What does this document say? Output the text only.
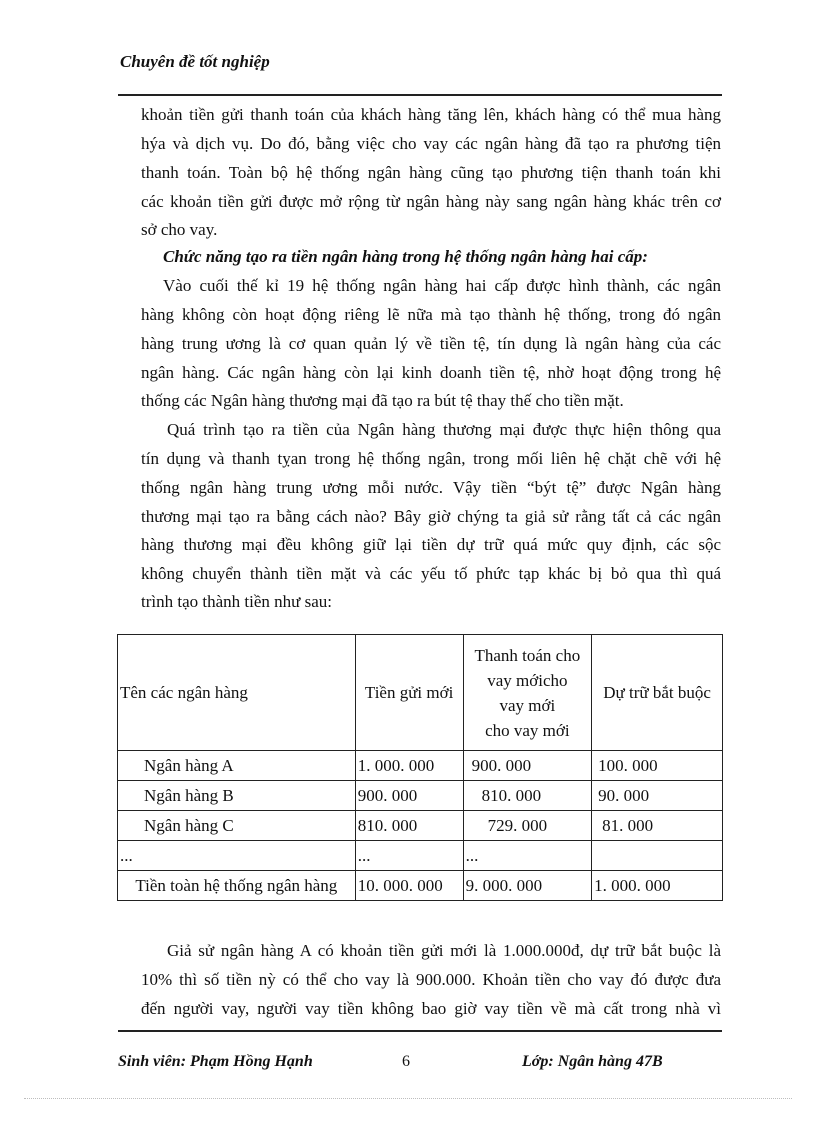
Chuyên đề tốt nghiệp
khoản tiền gửi thanh toán của khách hàng tăng lên, khách hàng có thể mua hàng
hýa và dịch vụ. Do đó, bằng việc cho vay các ngân hàng đã tạo ra phương tiện
thanh toán. Toàn bộ hệ thống ngân hàng cũng tạo phương tiện thanh toán khi
các khoản tiền gửi được mở rộng từ ngân hàng này sang ngân hàng khác trên cơ
sở cho vay.
Chức năng tạo ra tiền ngân hàng trong hệ thống ngân hàng hai cấp:
Vào cuối thế kỉ 19 hệ thống ngân hàng hai cấp được hình thành, các ngân
hàng không còn hoạt động riêng lẽ nữa mà tạo thành hệ thống, trong đó ngân
hàng trung ương là cơ quan quản lý về tiền tệ, tín dụng là ngân hàng của các
ngân hàng. Các ngân hàng còn lại kinh doanh tiền tệ, nhờ hoạt động trong hệ
thống các Ngân hàng thương mại đã tạo ra bút tệ thay thế cho tiền mặt.
Quá trình tạo ra tiền của Ngân hàng thương mại được thực hiện thông qua
tín dụng và thanh tỵan trong hệ thống ngân, trong mối liên hệ chặt chẽ với hệ
thống ngân hàng trung ương mỗi nước. Vậy tiền “být tệ” được Ngân hàng
thương mại tạo ra bằng cách nào? Bây giờ chýng ta giả sử rằng tất cả các ngân
hàng thương mại đều không giữ lại tiền dự trữ quá mức quy định, các sộc
không chuyển thành tiền mặt và các yếu tố phức tạp khác bị bỏ qua thì quá
trình tạo thành tiền như sau:
Tên các ngân hàng	Tiền gửi mới	Thanh toán cho
vay mớicho
vay mới
cho vay mới	Dự trữ bắt buộc
Ngân hàng A	1. 000. 000	900. 000	100. 000
Ngân hàng B	900. 000	810. 000	90. 000
Ngân hàng C	810. 000	729. 000	81. 000
...	...	...	
Tiền toàn hệ thống ngân hàng	10. 000. 000	9. 000. 000	1. 000. 000
Giả sử ngân hàng A có khoản tiền gửi mới là 1.000.000đ, dự trữ bắt buộc là
10% thì số tiền nỳ có thể cho vay là 900.000. Khoản tiền cho vay đó được đưa
đến người vay, người vay tiền không bao giờ vay tiền về mà cất trong nhà vì
Sinh viên: Phạm Hồng Hạnh	6	Lớp: Ngân hàng 47B
